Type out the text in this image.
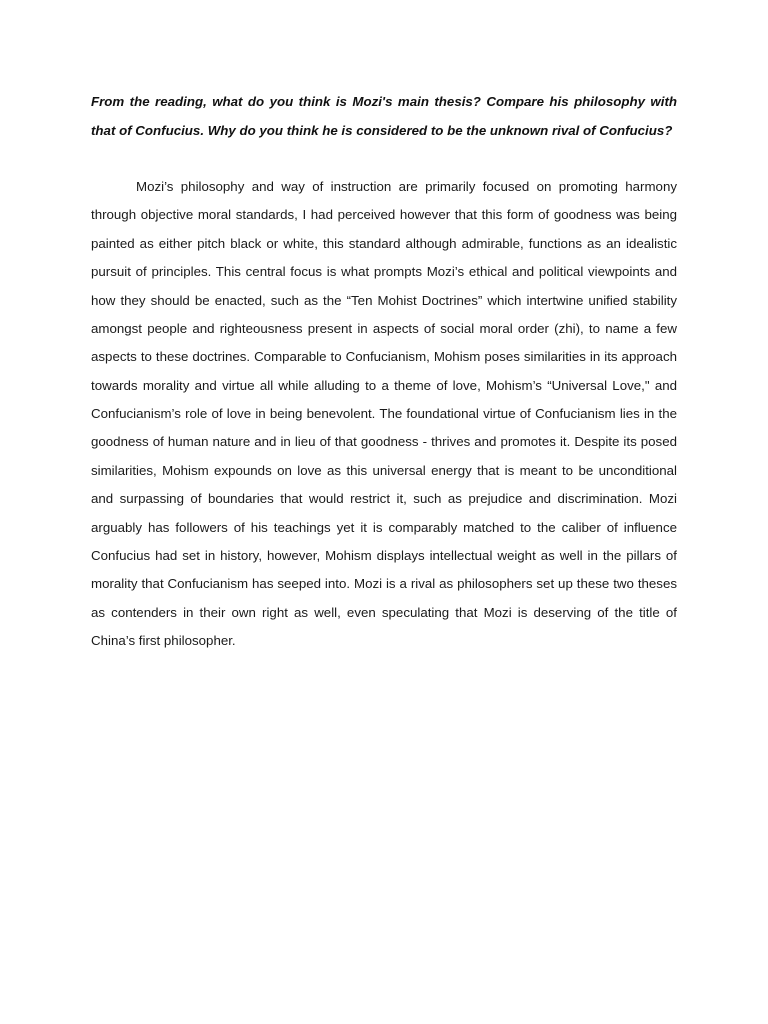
From the reading, what do you think is Mozi's main thesis? Compare his philosophy with that of Confucius. Why do you think he is considered to be the unknown rival of Confucius?

Mozi’s philosophy and way of instruction are primarily focused on promoting harmony through objective moral standards, I had perceived however that this form of goodness was being painted as either pitch black or white, this standard although admirable, functions as an idealistic pursuit of principles. This central focus is what prompts Mozi’s ethical and political viewpoints and how they should be enacted, such as the “Ten Mohist Doctrines” which intertwine unified stability amongst people and righteousness present in aspects of social moral order (zhi), to name a few aspects to these doctrines. Comparable to Confucianism, Mohism poses similarities in its approach towards morality and virtue all while alluding to a theme of love, Mohism’s “Universal Love," and Confucianism’s role of love in being benevolent. The foundational virtue of Confucianism lies in the goodness of human nature and in lieu of that goodness - thrives and promotes it. Despite its posed similarities, Mohism expounds on love as this universal energy that is meant to be unconditional and surpassing of boundaries that would restrict it, such as prejudice and discrimination. Mozi arguably has followers of his teachings yet it is comparably matched to the caliber of influence Confucius had set in history, however, Mohism displays intellectual weight as well in the pillars of morality that Confucianism has seeped into. Mozi is a rival as philosophers set up these two theses as contenders in their own right as well, even speculating that Mozi is deserving of the title of China’s first philosopher.
